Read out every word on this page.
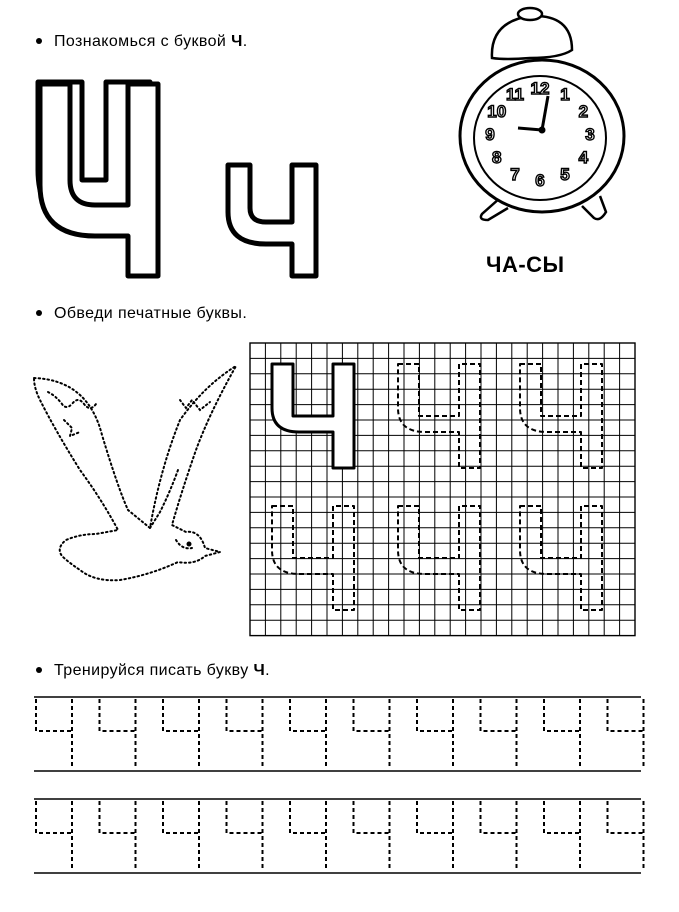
Познакомься с буквой Ч.
Обведи печатные буквы.
Тренируйся писать букву Ч.
ЧА-СЫ
12 1
2
3
4
5
6
7
8
9
10
11
